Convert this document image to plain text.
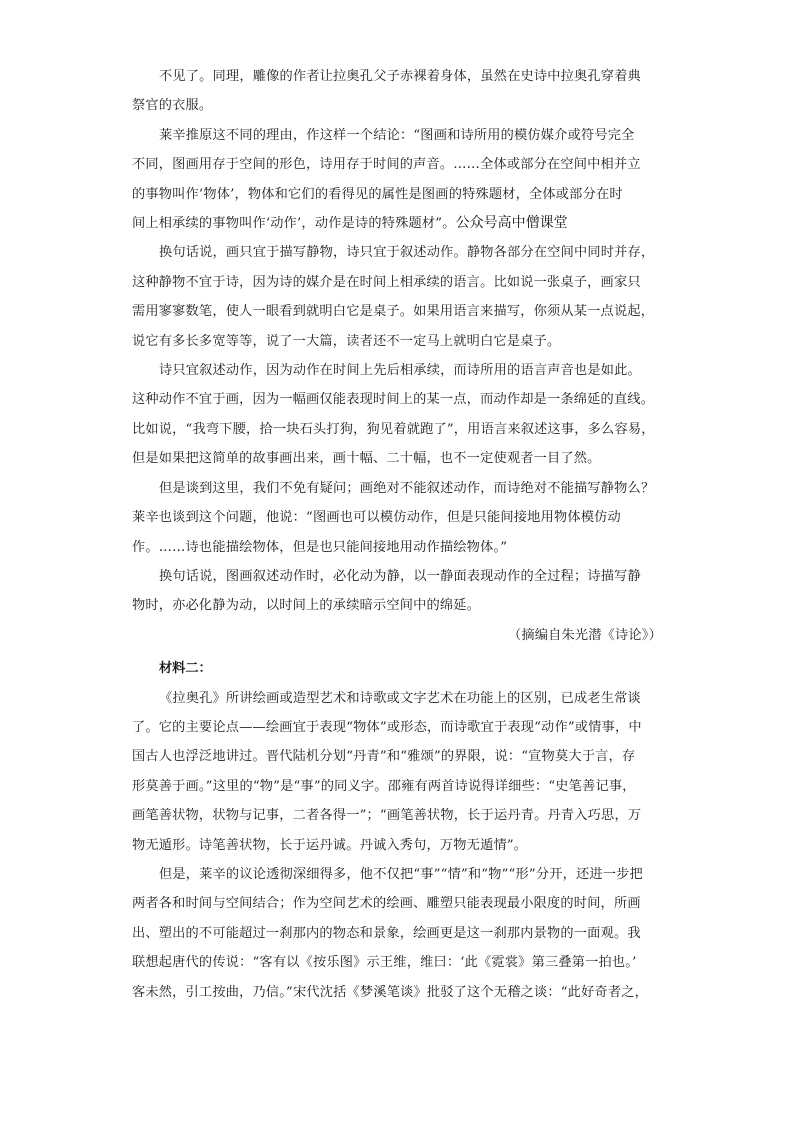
不见了。同理，雕像的作者让拉奥孔父子赤裸着身体，虽然在史诗中拉奥孔穿着典
祭官的衣服。

莱辛推原这不同的理由，作这样一个结论：“图画和诗所用的模仿媒介或符号完全
不同，图画用存于空间的形色，诗用存于时间的声音。……全体或部分在空间中相并立
的事物叫作‘物体’，物体和它们的看得见的属性是图画的特殊题材，全体或部分在时
间上相承续的事物叫作‘动作’，动作是诗的特殊题材”。公众号高中僧课堂

换句话说，画只宜于描写静物，诗只宜于叙述动作。静物各部分在空间中同时并存，
这种静物不宜于诗，因为诗的媒介是在时间上相承续的语言。比如说一张桌子，画家只
需用寥寥数笔，使人一眼看到就明白它是桌子。如果用语言来描写，你须从某一点说起，
说它有多长多宽等等，说了一大篇，读者还不一定马上就明白它是桌子。

诗只宜叙述动作，因为动作在时间上先后相承续，而诗所用的语言声音也是如此。
这种动作不宜于画，因为一幅画仅能表现时间上的某一点，而动作却是一条绵延的直线。
比如说，“我弯下腰，拾一块石头打狗，狗见着就跑了”，用语言来叙述这事，多么容易，
但是如果把这简单的故事画出来，画十幅、二十幅，也不一定使观者一目了然。

但是谈到这里，我们不免有疑问；画绝对不能叙述动作，而诗绝对不能描写静物么？
莱辛也谈到这个问题，他说：“图画也可以模仿动作，但是只能间接地用物体模仿动
作。……诗也能描绘物体，但是也只能间接地用动作描绘物体。”

换句话说，图画叙述动作时，必化动为静，以一静面表现动作的全过程；诗描写静
物时，亦必化静为动，以时间上的承续暗示空间中的绵延。

（摘编自朱光潜《诗论》）

材料二：

《拉奥孔》所讲绘画或造型艺术和诗歌或文字艺术在功能上的区别，已成老生常谈
了。它的主要论点——绘画宜于表现“物体”或形态，而诗歌宜于表现“动作”或情事，中
国古人也浮泛地讲过。晋代陆机分划“丹青”和“雅颂”的界限，说：“宣物莫大于言，存
形莫善于画。”这里的“物”是“事”的同义字。邵雍有两首诗说得详细些：“史笔善记事，
画笔善状物，状物与记事，二者各得一”；“画笔善状物，长于运丹青。丹青入巧思，万
物无遁形。诗笔善状物，长于运丹诚。丹诚入秀句，万物无遁情”。

但是，莱辛的议论透彻深细得多，他不仅把“事”“情”和“物”“形”分开，还进一步把
两者各和时间与空间结合；作为空间艺术的绘画、雕塑只能表现最小限度的时间，所画
出、塑出的不可能超过一刹那内的物态和景象，绘画更是这一刹那内景物的一面观。我
联想起唐代的传说：“客有以《按乐图》示王维，维曰：‘此《霓裳》第三叠第一拍也。’
客未然，引工按曲，乃信。”宋代沈括《梦溪笔谈》批驳了这个无稽之谈：“此好奇者之，
